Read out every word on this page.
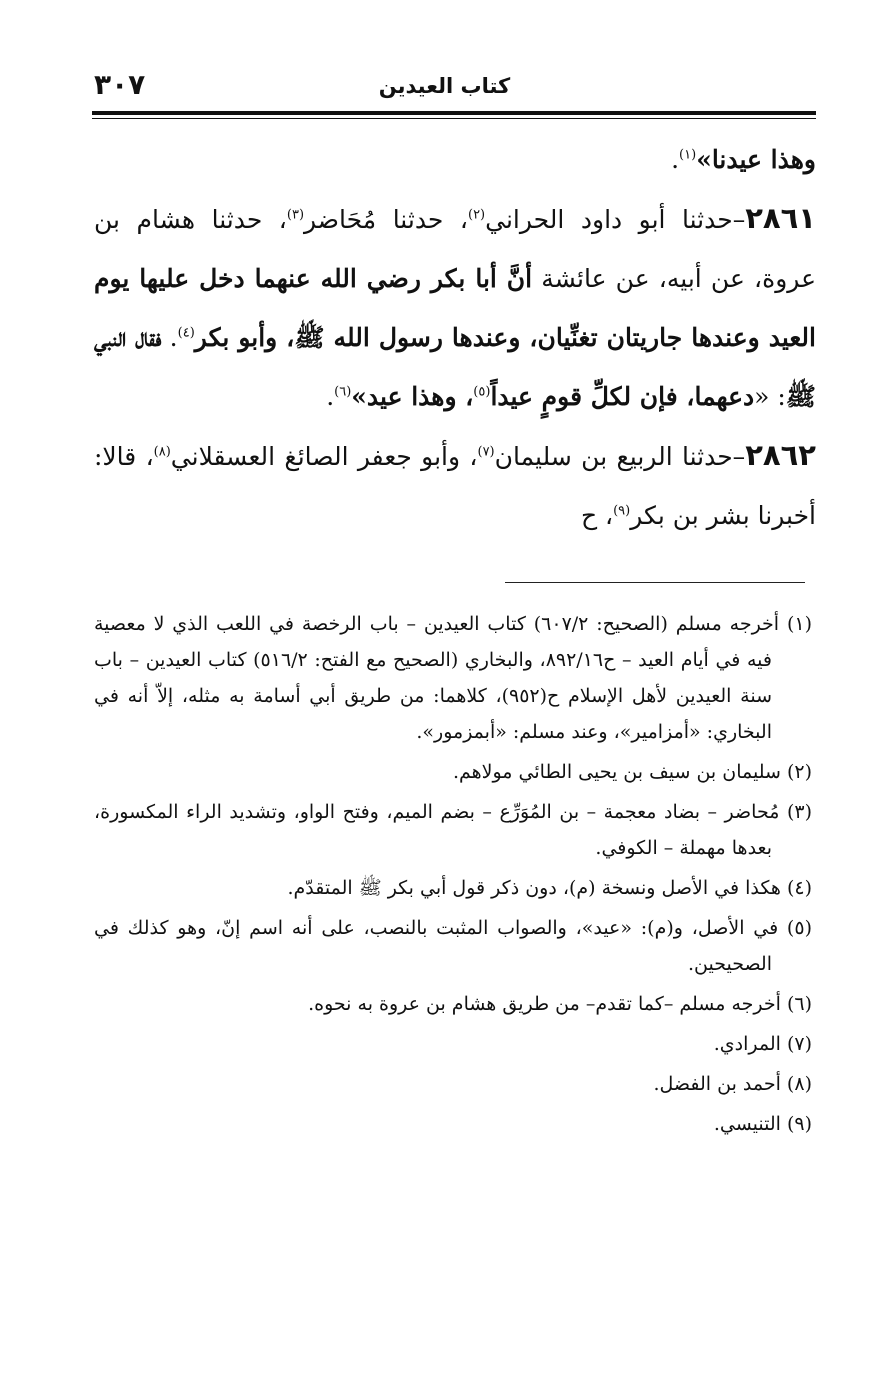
كتاب العيدين
٣٠٧

وهذا عيدنا»$^{(١)}$.

٢٨٦١–حدثنا أبو داود الحراني$^{(٢)}$، حدثنا مُحَاضر$^{(٣)}$، حدثنا هشام بن عروة، عن أبيه، عن عائشة أنَّ أبا بكر رضي الله عنهما دخل عليها يوم العيد وعندها جاريتان تغنِّيان، وعندها رسول الله ﷺ، وأبو بكر$^{(٤)}$. فقال النبي ﷺ: «دعهما، فإن لكلِّ قومٍ عيداً$^{(٥)}$، وهذا عيد»$^{(٦)}$.

٢٨٦٢–حدثنا الربيع بن سليمان$^{(٧)}$، وأبو جعفر الصائغ العسقلاني$^{(٨)}$، قالا: أخبرنا بشر بن بكر$^{(٩)}$، ح

(١) أخرجه مسلم (الصحيح: ٦٠٧/٢) كتاب العيدين – باب الرخصة في اللعب الذي لا معصية فيه في أيام العيد – ح٨٩٢/١٦، والبخاري (الصحيح مع الفتح: ٥١٦/٢) كتاب العيدين – باب سنة العيدين لأهل الإسلام ح(٩٥٢)، كلاهما: من طريق أبي أسامة به مثله، إلاّ أنه في البخاري: «أمزامير»، وعند مسلم: «أبمزمور».

(٢) سليمان بن سيف بن يحيى الطائي مولاهم.

(٣) مُحاضر – بضاد معجمة – بن المُوَرِّع – بضم الميم، وفتح الواو، وتشديد الراء المكسورة، بعدها مهملة – الكوفي.

(٤) هكذا في الأصل ونسخة (م)، دون ذكر قول أبي بكر ﷺ المتقدّم.

(٥) في الأصل، و(م): «عيد»، والصواب المثبت بالنصب، على أنه اسم إنّ، وهو كذلك في الصحيحين.

(٦) أخرجه مسلم –كما تقدم– من طريق هشام بن عروة به نحوه.

(٧) المرادي.

(٨) أحمد بن الفضل.

(٩) التنيسي.
